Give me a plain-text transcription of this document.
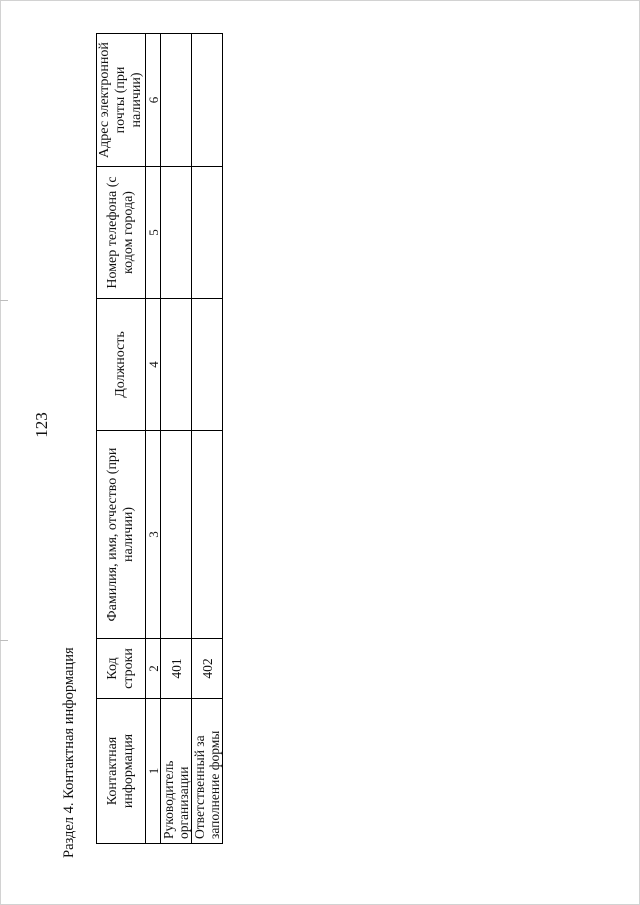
123
Раздел 4. Контактная информация Контактная информация	Код строки	Фамилия, имя, отчество (при наличии)	Должность	Номер телефона (с кодом города)	Адрес электронной почты (при наличии)
1	2	3	4	5	6
Руководитель организации	401				
Ответственный за заполнение формы	402				
